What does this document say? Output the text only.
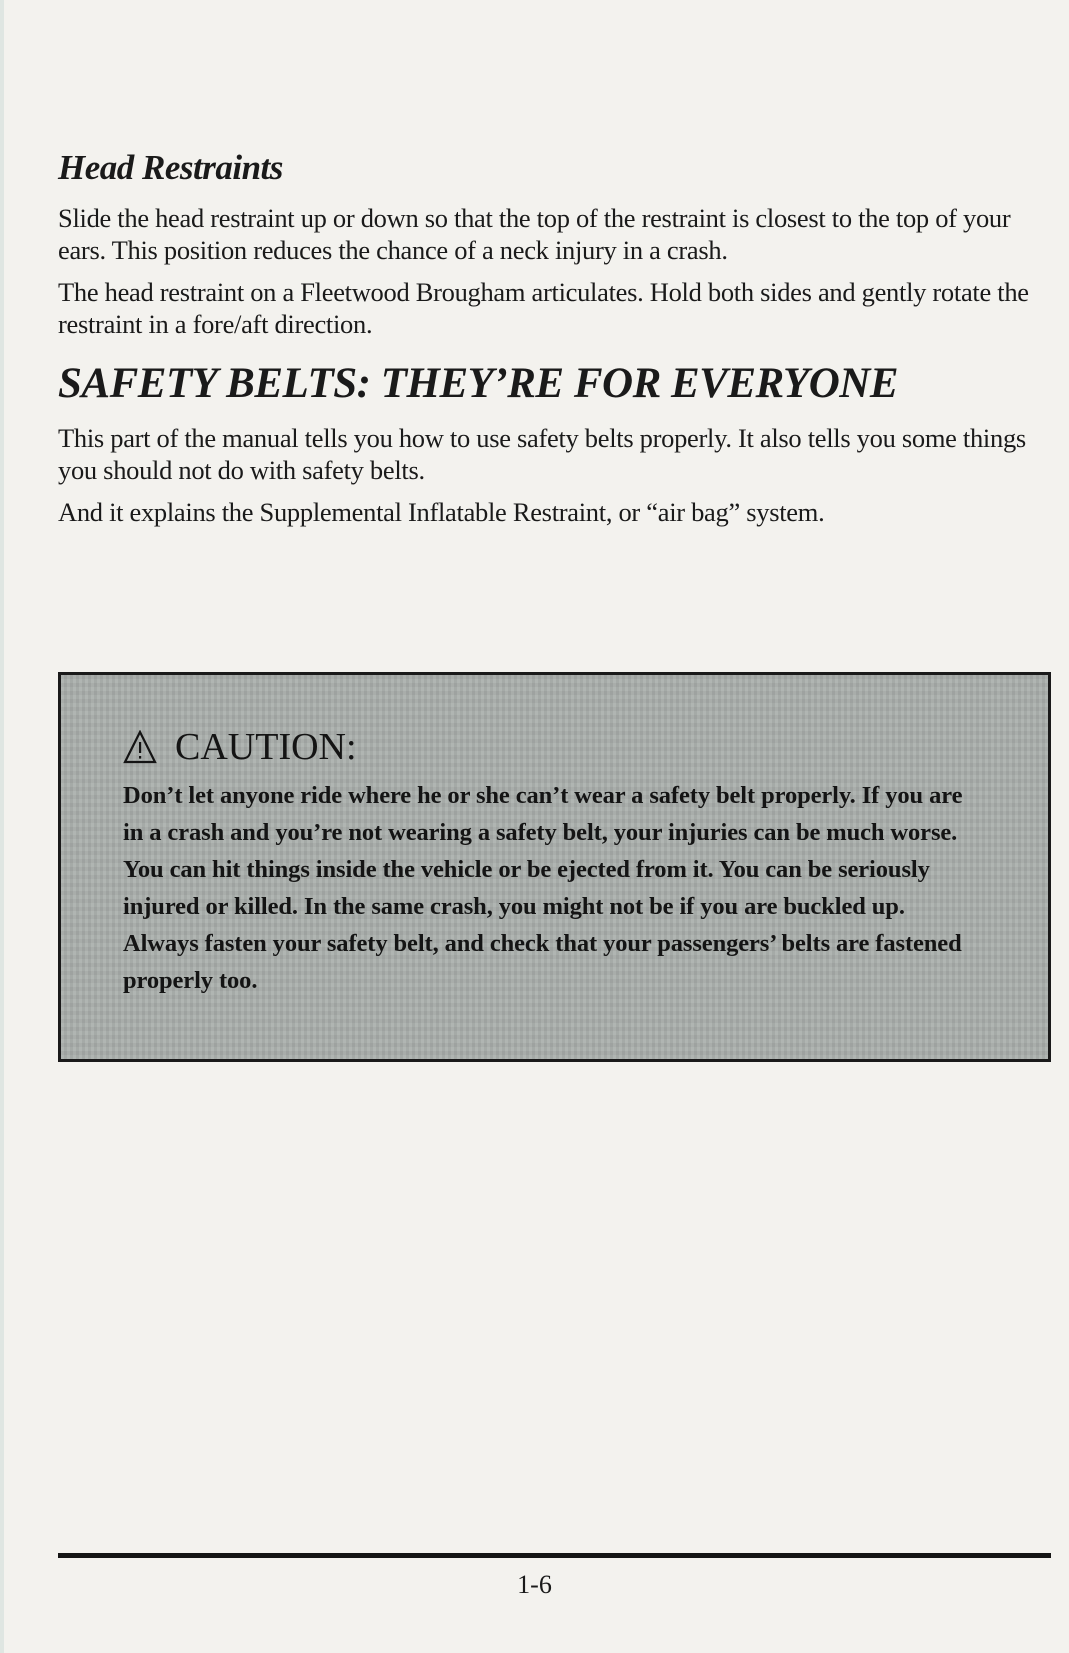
Head Restraints

Slide the head restraint up or down so that the top of the restraint is closest to the top of your ears. This position reduces the chance of a neck injury in a crash.

The head restraint on a Fleetwood Brougham articulates. Hold both sides and gently rotate the restraint in a fore/aft direction.

SAFETY BELTS: THEY’RE FOR EVERYONE

This part of the manual tells you how to use safety belts properly. It also tells you some things you should not do with safety belts.

And it explains the Supplemental Inflatable Restraint, or “air bag” system.

CAUTION:
Don’t let anyone ride where he or she can’t wear a safety belt properly. If you are in a crash and you’re not wearing a safety belt, your injuries can be much worse. You can hit things inside the vehicle or be ejected from it. You can be seriously injured or killed. In the same crash, you might not be if you are buckled up. Always fasten your safety belt, and check that your passengers’ belts are fastened properly too.
1-6
